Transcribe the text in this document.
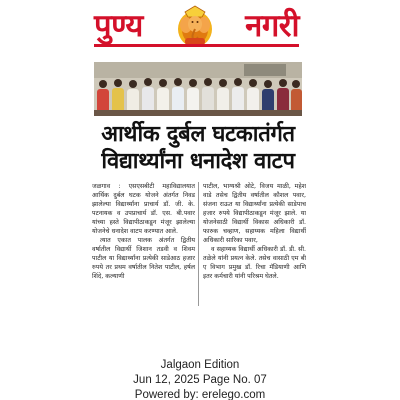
पुण्य	नगरी
आर्थीक दुर्बल घटकातंर्गत
विद्यार्थ्यांना धनादेश वाटप

जळगाव : एसएसबीटी महाविद्यालयात आर्थिक दुर्बल घटक योजने अंतर्गत निवड झालेल्या विद्यार्थ्यांना प्राचार्य डॉ. जी. के. पटनायक व उपप्राचार्य डॉ. एस. बी.पवार यांच्या हस्ते विद्यापीठाकडून मंजूर झालेल्या योजनेचे धनादेश वाटप करण्यात आले.

त्यात एकात पालक अंतर्गत द्वितीय वर्षातील विद्यार्थी जिशान तडवी व शिवम पाटील या विद्यार्थ्यांना प्रत्येकी साडेआठ हजार रुपये तर प्रथम वर्षातील नितेश पाटील, हर्षल शिंदे, कल्याणी

पाटील, भाग्यश्री ओटे, विजय माळी, महेश वाडे तसेच द्वितीय वर्षातील कौशल पवार, संजना राऊत या विद्यार्थ्यांना प्रत्येकी साडेपाच हजार रुपये विद्यापीठाकडून मंजूर झाले. या योजनेसाठी विद्यार्थी विकास अधिकारी डॉ. फारुक चव्हाण, सहाय्यक महिला विद्यार्थी अधिकारी सारिका पवार,

व सहाय्यक विद्यार्थी अधिकारी डॉ. डी. सी. तळेले यांनी प्रयत्न केले. तसेच वासाठी एम बी ए विभाग प्रमुख डॉ. रिचा मॅडियाणी आणि इतर कर्मचारी यांनी परिश्रम घेतले.

Jalgaon Edition
Jun 12, 2025 Page No. 07
Powered by: erelego.com
